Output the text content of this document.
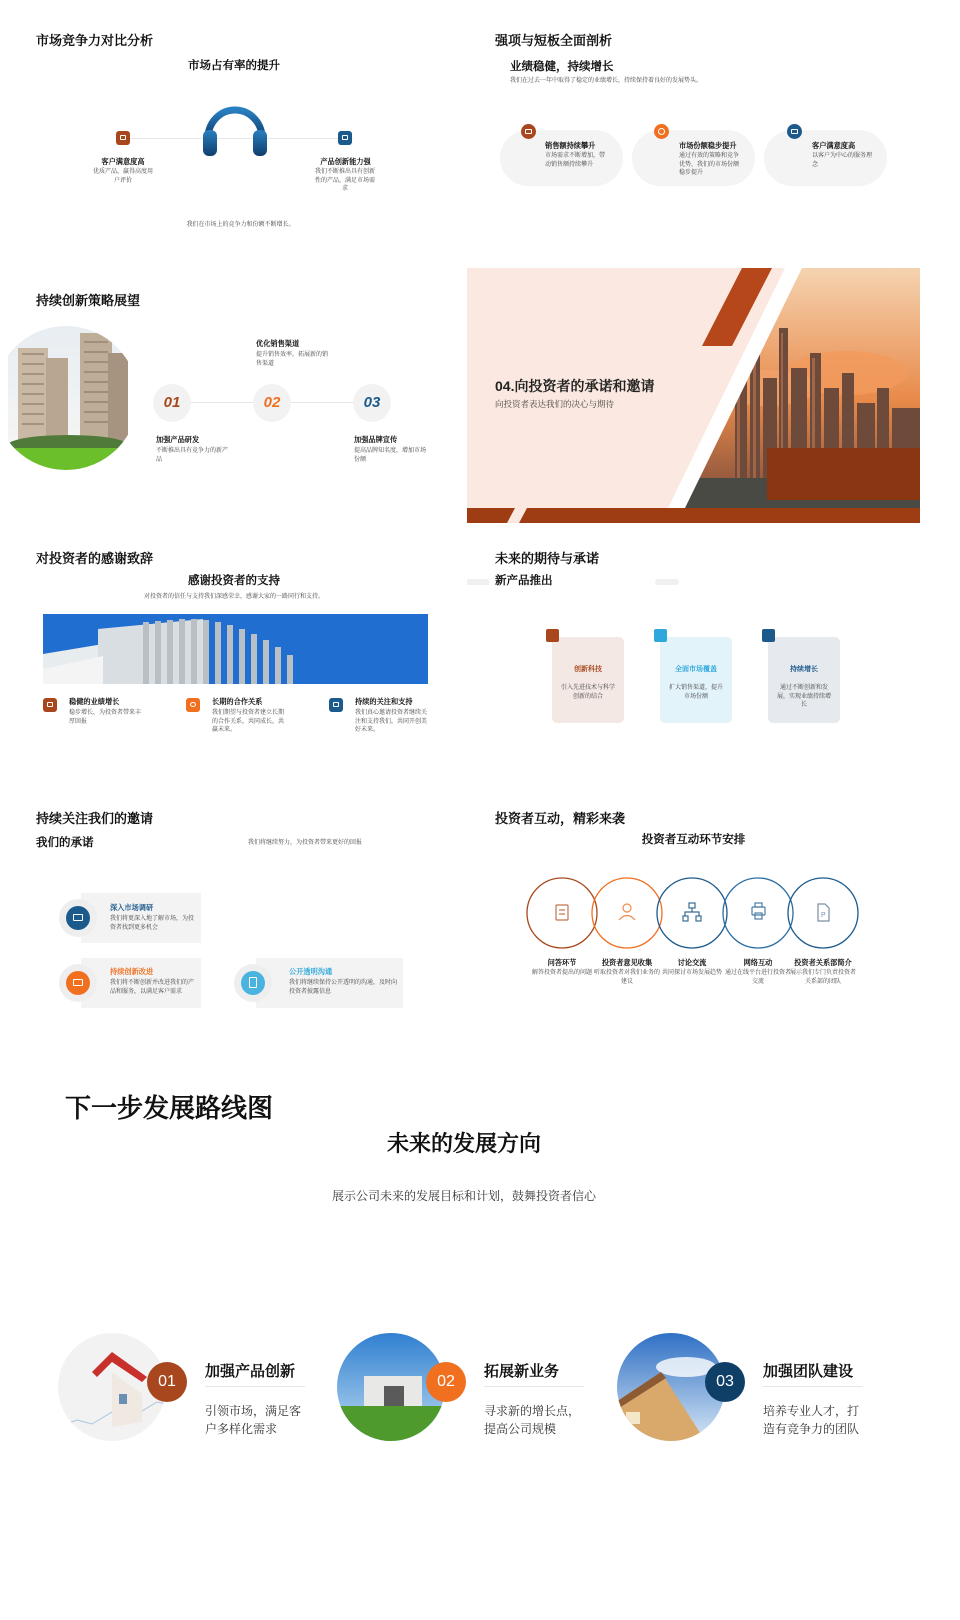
市场竞争力对比分析
市场占有率的提升
客户满意度高
优质产品，赢得高度用户评价
产品创新能力强
我们不断推出具有创新性的产品，满足市场需求
我们在市场上的竞争力和份额不断增长。
强项与短板全面剖析
业绩稳健，持续增长
我们在过去一年中取得了稳定的业绩增长，持续保持着良好的发展势头。
销售额持续攀升
市场需求不断增加，带动销售额持续攀升
市场份额稳步提升
通过有效的策略和竞争优势，我们的市场份额稳步提升
客户满意度高
以客户为中心的服务理念
持续创新策略展望
优化销售渠道
提升销售效率，拓展新的销售渠道
01	02	03
加强产品研发
不断推出具有竞争力的新产品
加强品牌宣传
提高品牌知名度，增加市场份额
04.向投资者的承诺和邀请
向投资者表达我们的决心与期待
对投资者的感谢致辞
感谢投资者的支持
对投资者的信任与支持我们深感荣幸，感谢大家的一路同行和支持。
稳健的业绩增长
稳步增长，为投资者带来丰厚回报
长期的合作关系
我们期望与投资者建立长期的合作关系，共同成长，共赢未来。
持续的关注和支持
我们真心邀请投资者继续关注和支持我们，共同开创美好未来。
未来的期待与承诺
新产品推出
创新科技
引入先进技术与科学创新的结合
全面市场覆盖
扩大销售渠道，提升市场份额
持续增长
通过不断创新和发展，实现业绩持续增长
持续关注我们的邀请
我们的承诺	我们将继续努力，为投资者带来更好的回报
深入市场调研
我们将更深入地了解市场，为投资者找到更多机会
持续创新改进
我们将不断创新并改进我们的产品和服务，以满足客户需求
公开透明沟通
我们将继续保持公开透明的沟通，及时向投资者披露信息
投资者互动，精彩来袭
投资者互动环节安排
P
问答环节
解答投资者提出的问题
投资者意见收集
听取投资者对我们业务的建议
讨论交流
共同探讨市场发展趋势
网络互动
通过在线平台进行投资者交流
投资者关系部简介
展示我们专门负责投资者关系部的团队
下一步发展路线图
未来的发展方向
展示公司未来的发展目标和计划，鼓舞投资者信心
01
加强产品创新
引领市场，满足客户多样化需求
02
拓展新业务
寻求新的增长点，提高公司规模
03
加强团队建设
培养专业人才，打造有竞争力的团队
